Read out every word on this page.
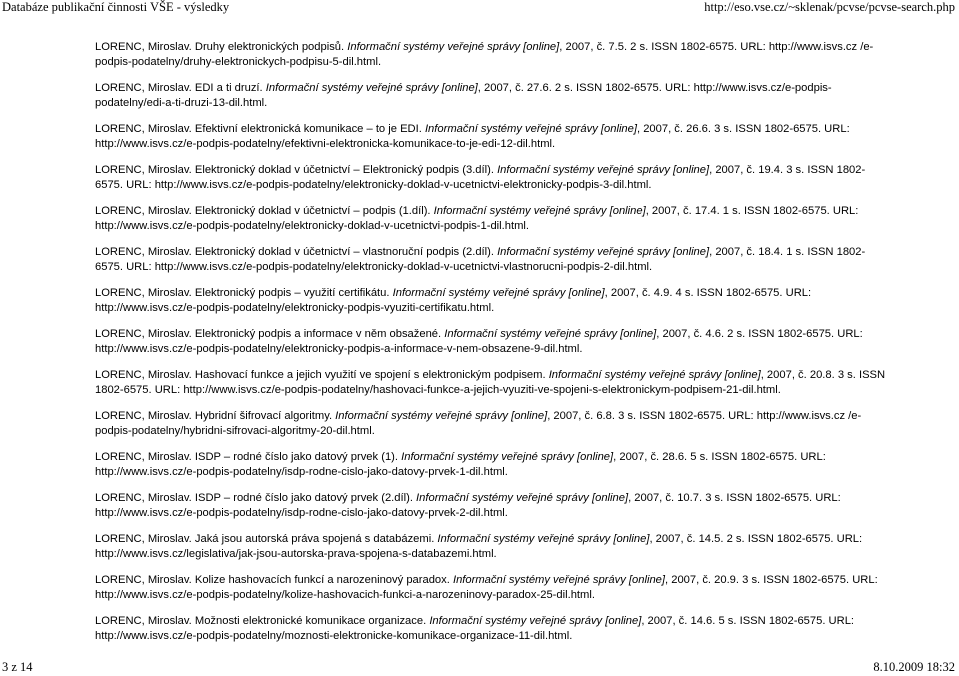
Databáze publikační činnosti VŠE - výsledky	http://eso.vse.cz/~sklenak/pcvse/pcvse-search.php

LORENC, Miroslav. Druhy elektronických podpisů. Informační systémy veřejné správy [online], 2007, č. 7.5. 2 s. ISSN 1802-6575. URL: http://www.isvs.cz /e-podpis-podatelny/druhy-elektronickych-podpisu-5-dil.html.

LORENC, Miroslav. EDI a ti druzí. Informační systémy veřejné správy [online], 2007, č. 27.6. 2 s. ISSN 1802-6575. URL: http://www.isvs.cz/e-podpis-podatelny/edi-a-ti-druzi-13-dil.html.

LORENC, Miroslav. Efektivní elektronická komunikace – to je EDI. Informační systémy veřejné správy [online], 2007, č. 26.6. 3 s. ISSN 1802-6575. URL: http://www.isvs.cz/e-podpis-podatelny/efektivni-elektronicka-komunikace-to-je-edi-12-dil.html.

LORENC, Miroslav. Elektronický doklad v účetnictví – Elektronický podpis (3.díl). Informační systémy veřejné správy [online], 2007, č. 19.4. 3 s. ISSN 1802-6575. URL: http://www.isvs.cz/e-podpis-podatelny/elektronicky-doklad-v-ucetnictvi-elektronicky-podpis-3-dil.html.

LORENC, Miroslav. Elektronický doklad v účetnictví – podpis (1.díl). Informační systémy veřejné správy [online], 2007, č. 17.4. 1 s. ISSN 1802-6575. URL: http://www.isvs.cz/e-podpis-podatelny/elektronicky-doklad-v-ucetnictvi-podpis-1-dil.html.

LORENC, Miroslav. Elektronický doklad v účetnictví – vlastnoruční podpis (2.díl). Informační systémy veřejné správy [online], 2007, č. 18.4. 1 s. ISSN 1802-6575. URL: http://www.isvs.cz/e-podpis-podatelny/elektronicky-doklad-v-ucetnictvi-vlastnorucni-podpis-2-dil.html.

LORENC, Miroslav. Elektronický podpis – využití certifikátu. Informační systémy veřejné správy [online], 2007, č. 4.9. 4 s. ISSN 1802-6575. URL: http://www.isvs.cz/e-podpis-podatelny/elektronicky-podpis-vyuziti-certifikatu.html.

LORENC, Miroslav. Elektronický podpis a informace v něm obsažené. Informační systémy veřejné správy [online], 2007, č. 4.6. 2 s. ISSN 1802-6575. URL: http://www.isvs.cz/e-podpis-podatelny/elektronicky-podpis-a-informace-v-nem-obsazene-9-dil.html.

LORENC, Miroslav. Hashovací funkce a jejich využití ve spojení s elektronickým podpisem. Informační systémy veřejné správy [online], 2007, č. 20.8. 3 s. ISSN 1802-6575. URL: http://www.isvs.cz/e-podpis-podatelny/hashovaci-funkce-a-jejich-vyuziti-ve-spojeni-s-elektronickym-podpisem-21-dil.html.

LORENC, Miroslav. Hybridní šifrovací algoritmy. Informační systémy veřejné správy [online], 2007, č. 6.8. 3 s. ISSN 1802-6575. URL: http://www.isvs.cz /e-podpis-podatelny/hybridni-sifrovaci-algoritmy-20-dil.html.

LORENC, Miroslav. ISDP – rodné číslo jako datový prvek (1). Informační systémy veřejné správy [online], 2007, č. 28.6. 5 s. ISSN 1802-6575. URL: http://www.isvs.cz/e-podpis-podatelny/isdp-rodne-cislo-jako-datovy-prvek-1-dil.html.

LORENC, Miroslav. ISDP – rodné číslo jako datový prvek (2.díl). Informační systémy veřejné správy [online], 2007, č. 10.7. 3 s. ISSN 1802-6575. URL: http://www.isvs.cz/e-podpis-podatelny/isdp-rodne-cislo-jako-datovy-prvek-2-dil.html.

LORENC, Miroslav. Jaká jsou autorská práva spojená s databázemi. Informační systémy veřejné správy [online], 2007, č. 14.5. 2 s. ISSN 1802-6575. URL: http://www.isvs.cz/legislativa/jak-jsou-autorska-prava-spojena-s-databazemi.html.

LORENC, Miroslav. Kolize hashovacích funkcí a narozeninový paradox. Informační systémy veřejné správy [online], 2007, č. 20.9. 3 s. ISSN 1802-6575. URL: http://www.isvs.cz/e-podpis-podatelny/kolize-hashovacich-funkci-a-narozeninovy-paradox-25-dil.html.

LORENC, Miroslav. Možnosti elektronické komunikace organizace. Informační systémy veřejné správy [online], 2007, č. 14.6. 5 s. ISSN 1802-6575. URL: http://www.isvs.cz/e-podpis-podatelny/moznosti-elektronicke-komunikace-organizace-11-dil.html.

3 z 14	8.10.2009 18:32
